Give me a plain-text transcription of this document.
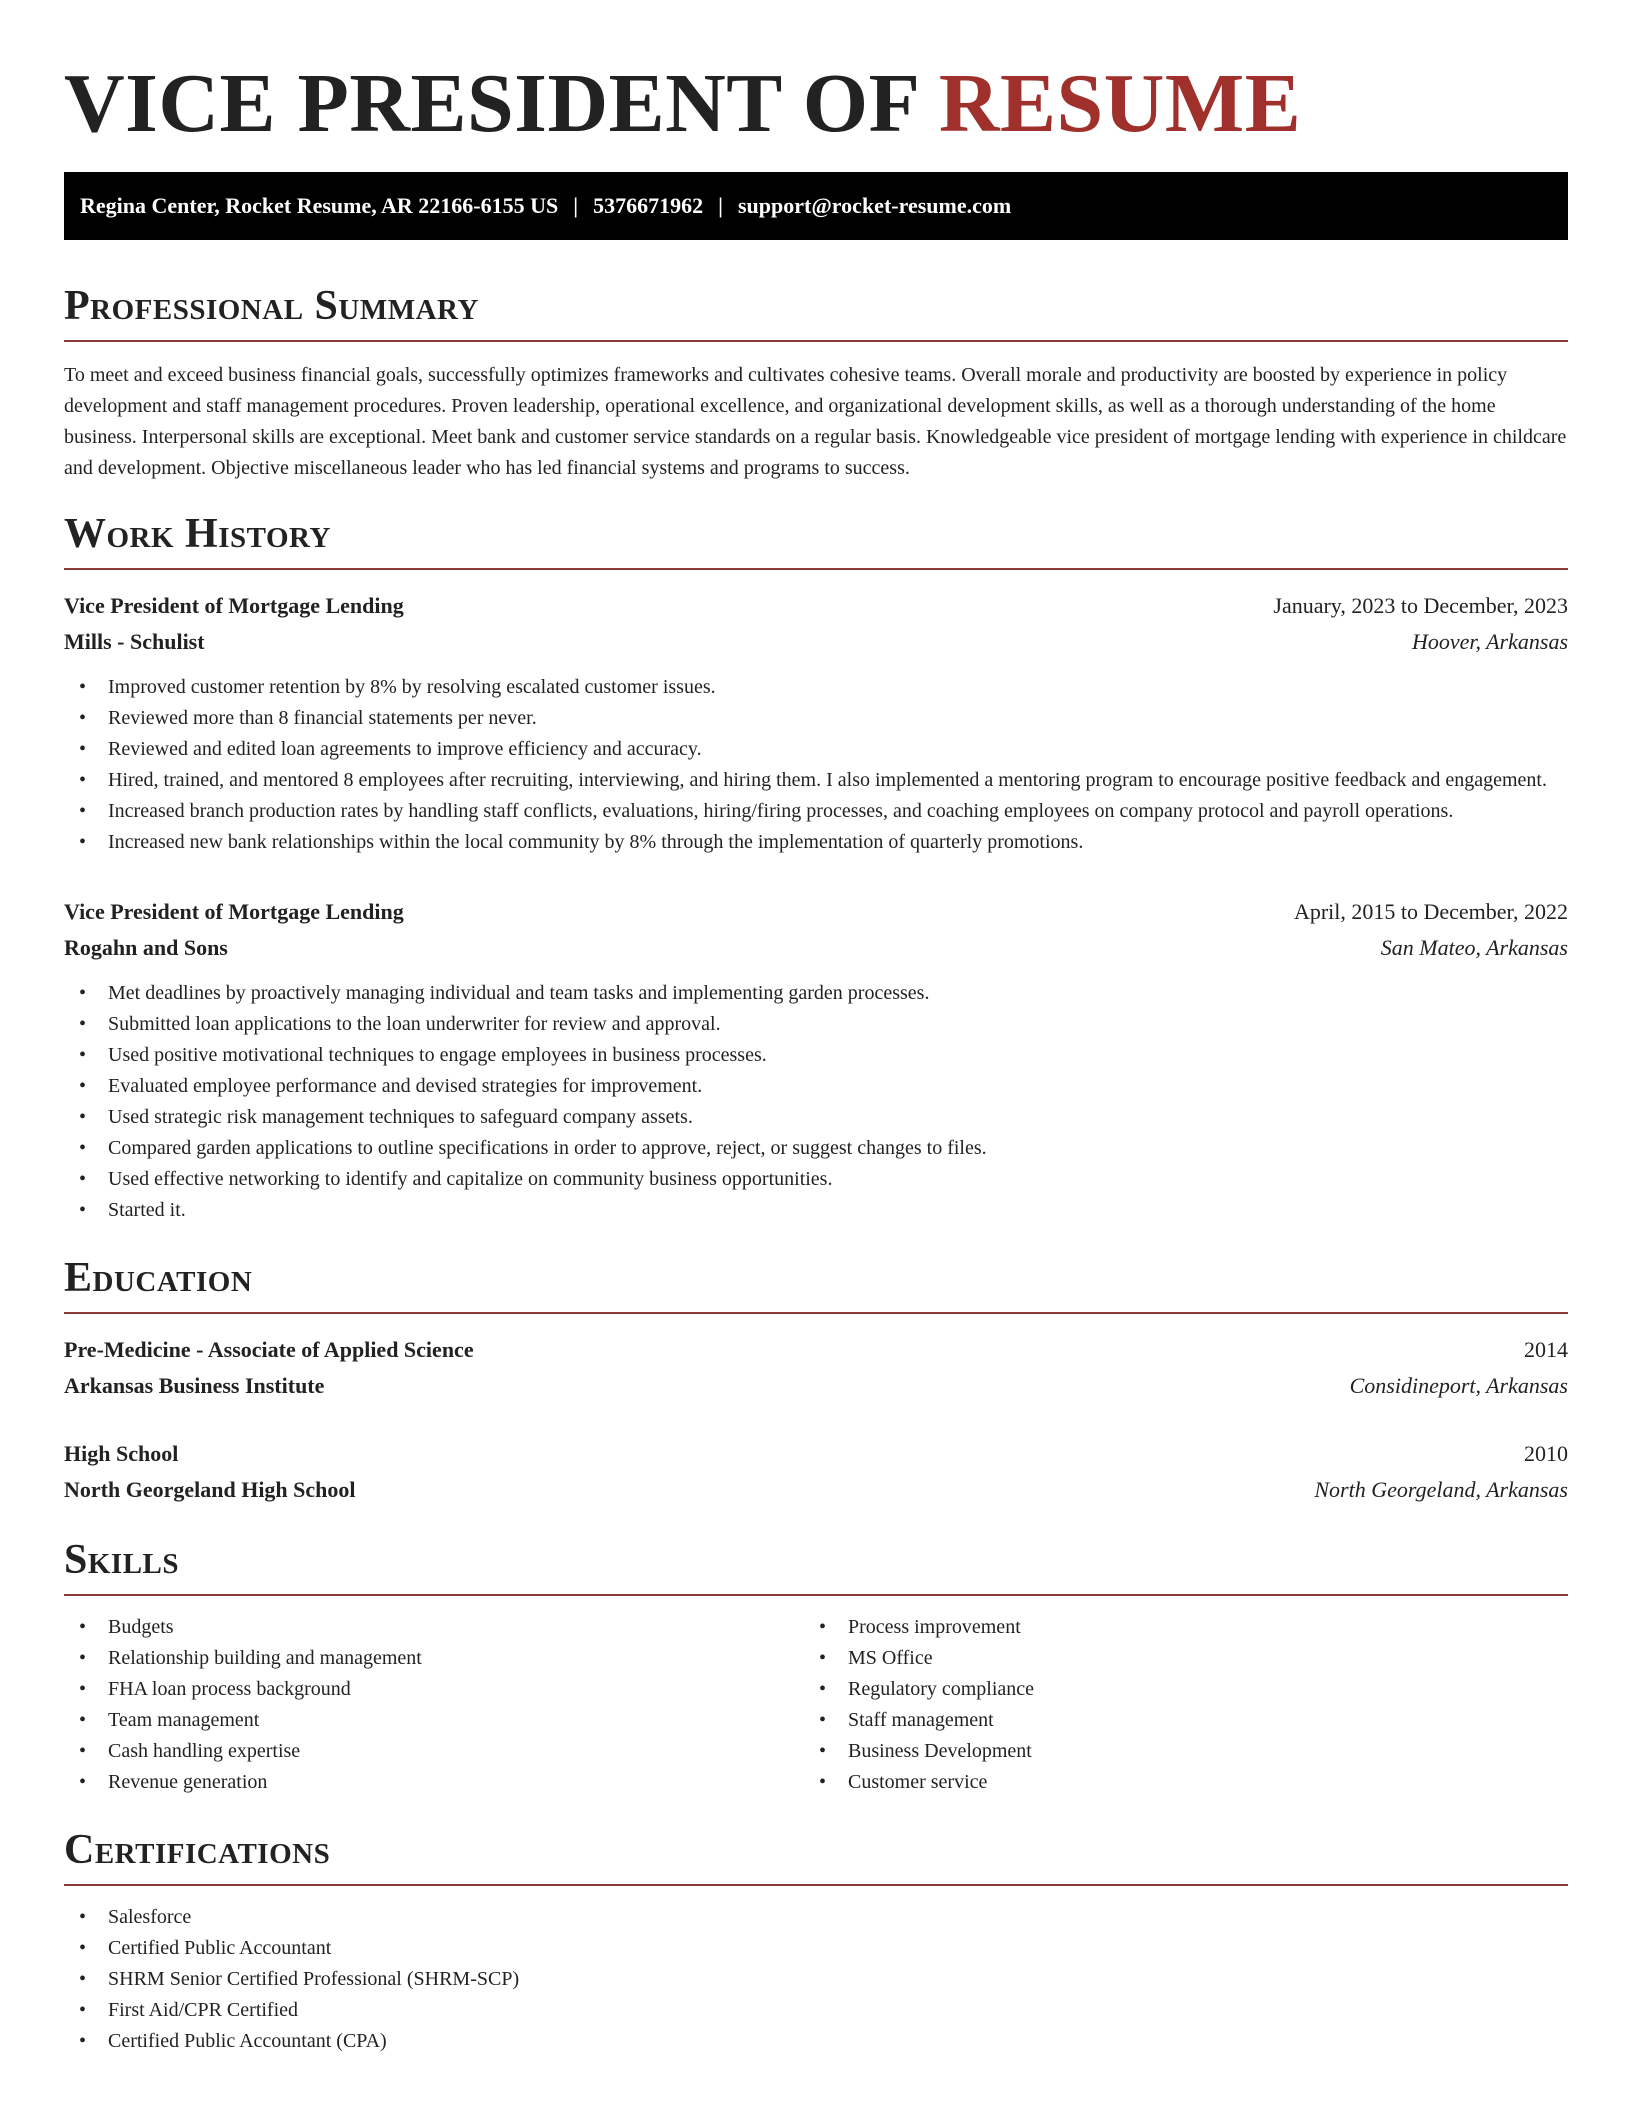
VICE PRESIDENT OF RESUME
Regina Center, Rocket Resume, AR 22166-6155 US | 5376671962 | support@rocket-resume.com
Professional Summary

To meet and exceed business financial goals, successfully optimizes frameworks and cultivates cohesive teams. Overall morale and productivity are boosted by experience in policy development and staff management procedures. Proven leadership, operational excellence, and organizational development skills, as well as a thorough understanding of the home business. Interpersonal skills are exceptional. Meet bank and customer service standards on a regular basis. Knowledgeable vice president of mortgage lending with experience in childcare and development. Objective miscellaneous leader who has led financial systems and programs to success.

Work History
Vice President of Mortgage Lending	January, 2023 to December, 2023
Mills - Schulist	Hoover, Arkansas
• Improved customer retention by 8% by resolving escalated customer issues.
• Reviewed more than 8 financial statements per never.
• Reviewed and edited loan agreements to improve efficiency and accuracy.
• Hired, trained, and mentored 8 employees after recruiting, interviewing, and hiring them. I also implemented a mentoring program to encourage positive feedback and engagement.
• Increased branch production rates by handling staff conflicts, evaluations, hiring/firing processes, and coaching employees on company protocol and payroll operations.
• Increased new bank relationships within the local community by 8% through the implementation of quarterly promotions.
Vice President of Mortgage Lending	April, 2015 to December, 2022
Rogahn and Sons	San Mateo, Arkansas
• Met deadlines by proactively managing individual and team tasks and implementing garden processes.
• Submitted loan applications to the loan underwriter for review and approval.
• Used positive motivational techniques to engage employees in business processes.
• Evaluated employee performance and devised strategies for improvement.
• Used strategic risk management techniques to safeguard company assets.
• Compared garden applications to outline specifications in order to approve, reject, or suggest changes to files.
• Used effective networking to identify and capitalize on community business opportunities.
• Started it.
Education
Pre-Medicine - Associate of Applied Science	2014
Arkansas Business Institute	Considineport, Arkansas
High School	2010
North Georgeland High School	North Georgeland, Arkansas
Skills
• Budgets
• Relationship building and management
• FHA loan process background
• Team management
• Cash handling expertise
• Revenue generation
• Process improvement
• MS Office
• Regulatory compliance
• Staff management
• Business Development
• Customer service
Certifications
• Salesforce
• Certified Public Accountant
• SHRM Senior Certified Professional (SHRM-SCP)
• First Aid/CPR Certified
• Certified Public Accountant (CPA)
